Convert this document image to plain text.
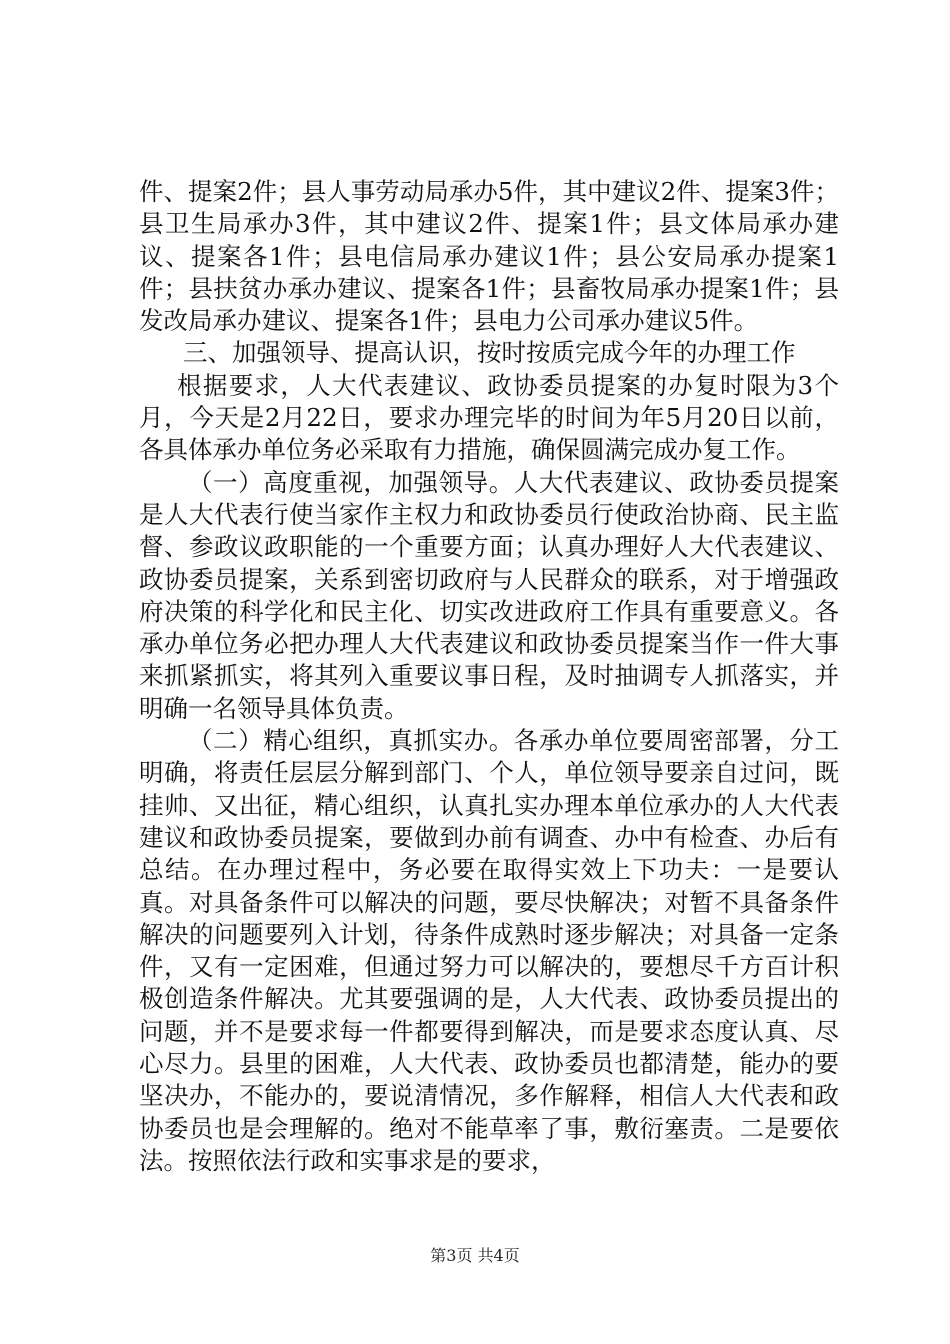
件、提案2件；县人事劳动局承办5件，其中建议2件、提案3件；县卫生局承办3件，其中建议2件、提案1件；县文体局承办建议、提案各1件；县电信局承办建议1件；县公安局承办提案1件；县扶贫办承办建议、提案各1件；县畜牧局承办提案1件；县发改局承办建议、提案各1件；县电力公司承办建议5件。

三、加强领导、提高认识，按时按质完成今年的办理工作

根据要求，人大代表建议、政协委员提案的办复时限为3个月，今天是2月22日，要求办理完毕的时间为年5月20日以前，各具体承办单位务必采取有力措施，确保圆满完成办复工作。

（一）高度重视，加强领导。人大代表建议、政协委员提案是人大代表行使当家作主权力和政协委员行使政治协商、民主监督、参政议政职能的一个重要方面；认真办理好人大代表建议、政协委员提案，关系到密切政府与人民群众的联系，对于增强政府决策的科学化和民主化、切实改进政府工作具有重要意义。各承办单位务必把办理人大代表建议和政协委员提案当作一件大事来抓紧抓实，将其列入重要议事日程，及时抽调专人抓落实，并明确一名领导具体负责。

（二）精心组织，真抓实办。各承办单位要周密部署，分工明确，将责任层层分解到部门、个人，单位领导要亲自过问，既挂帅、又出征，精心组织，认真扎实办理本单位承办的人大代表建议和政协委员提案，要做到办前有调查、办中有检查、办后有总结。在办理过程中，务必要在取得实效上下功夫：一是要认真。对具备条件可以解决的问题，要尽快解决；对暂不具备条件解决的问题要列入计划，待条件成熟时逐步解决；对具备一定条件，又有一定困难，但通过努力可以解决的，要想尽千方百计积极创造条件解决。尤其要强调的是，人大代表、政协委员提出的问题，并不是要求每一件都要得到解决，而是要求态度认真、尽心尽力。县里的困难，人大代表、政协委员也都清楚，能办的要坚决办，不能办的，要说清情况，多作解释，相信人大代表和政协委员也是会理解的。绝对不能草率了事，敷衍塞责。二是要依法。按照依法行政和实事求是的要求，

第3页 共4页
